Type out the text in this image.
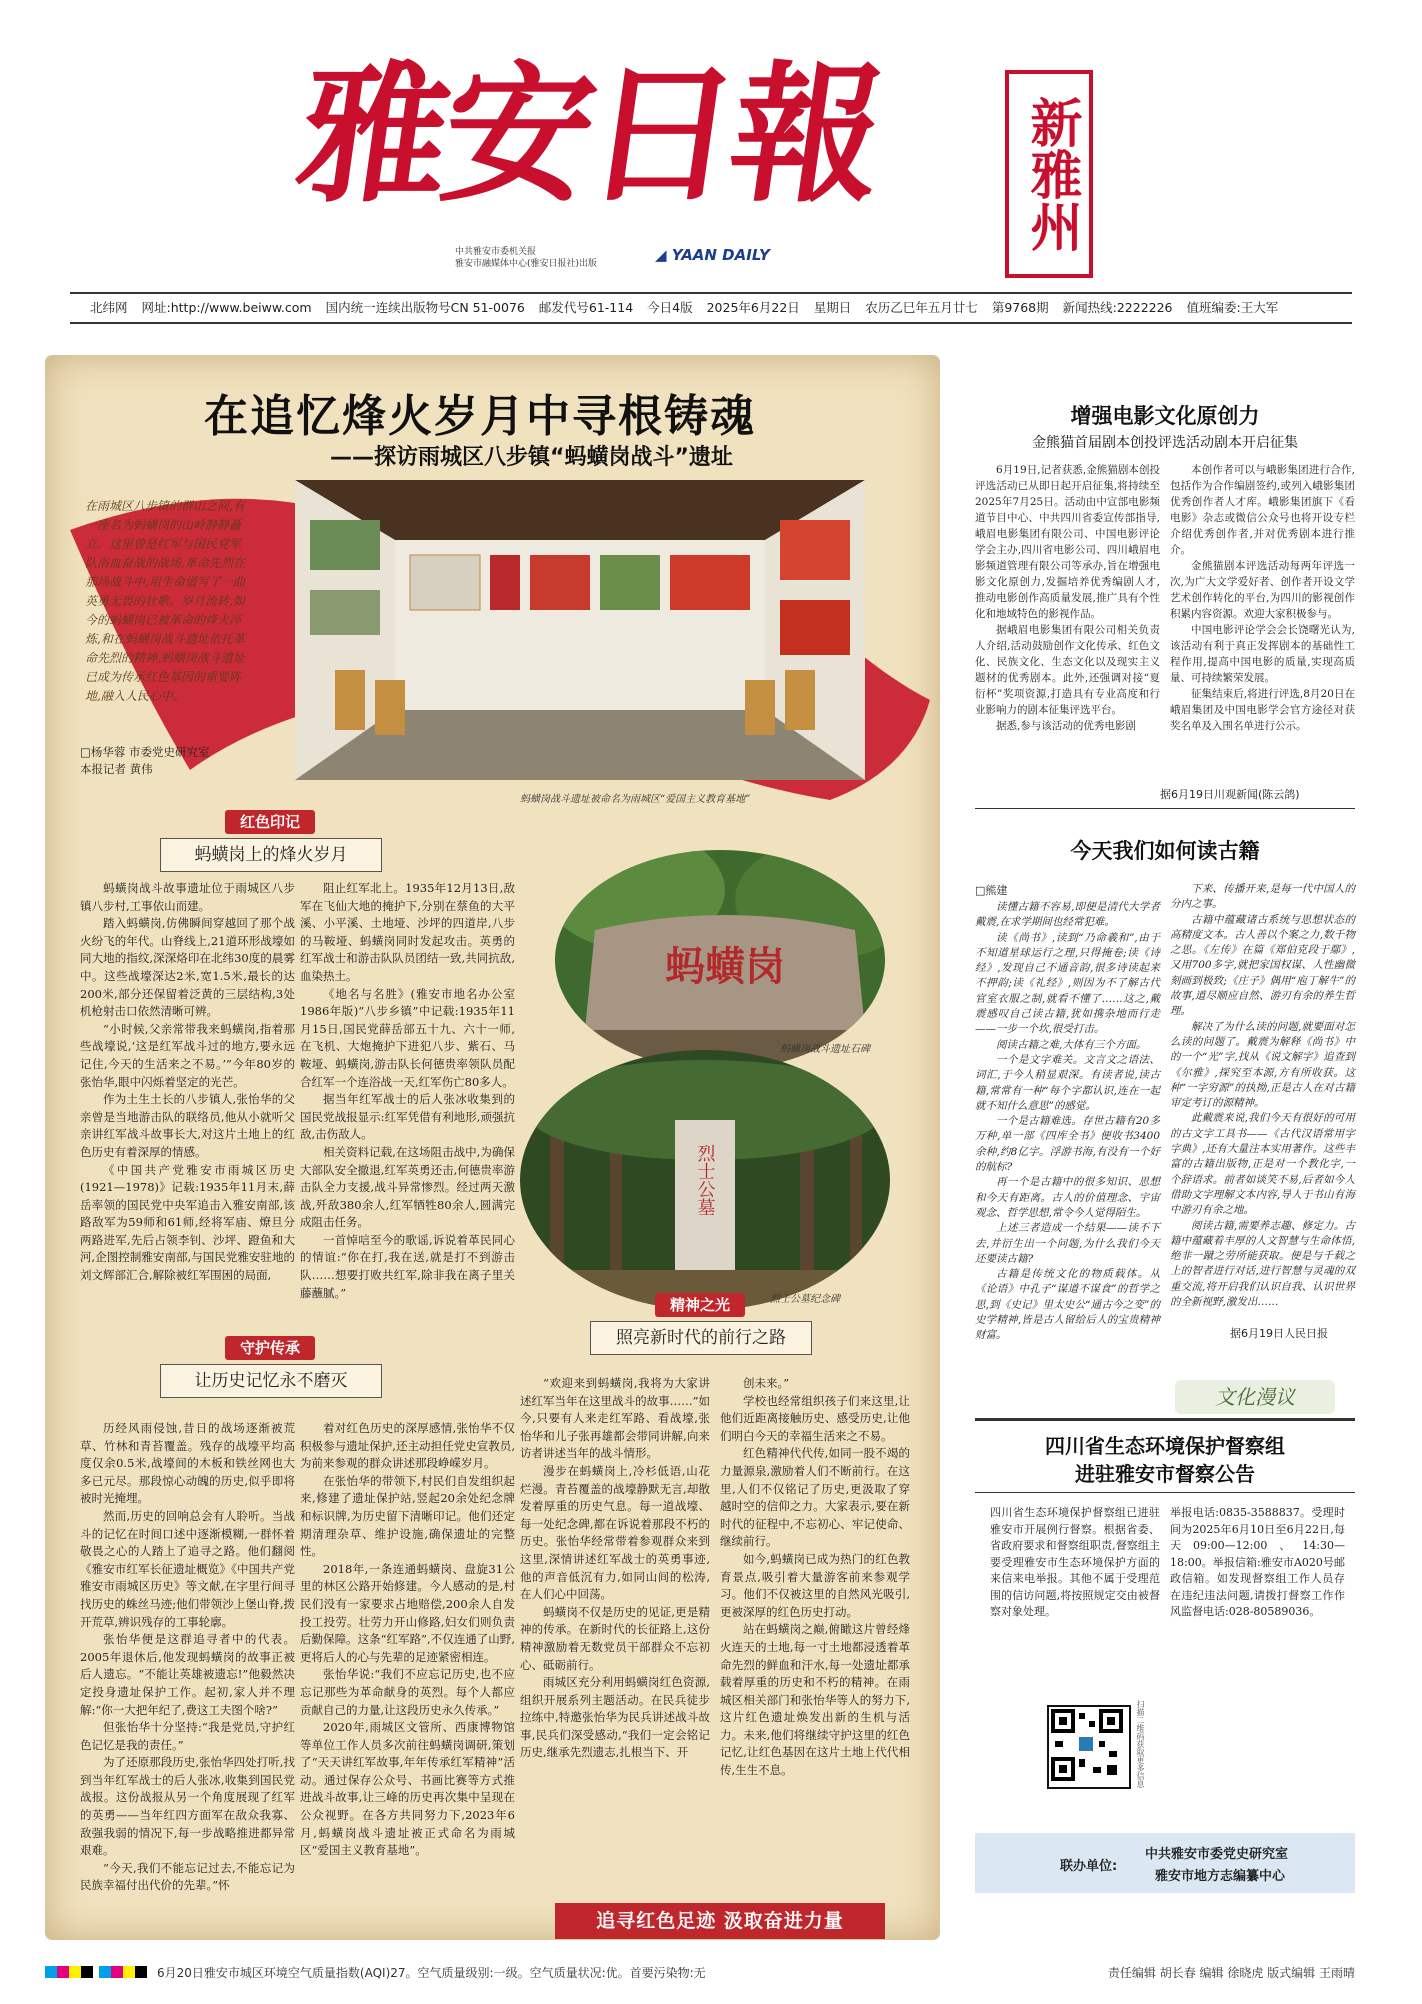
雅安日報	新雅州
中共雅安市委机关报
雅安市融媒体中心(雅安日报社)出版	◢ YAAN DAILY
北纬网 网址:http://www.beiww.com 国内统一连续出版物号CN 51-0076 邮发代号61-114 今日4版 2025年6月22日 星期日 农历乙巳年五月廿七 第9768期 新闻热线:2222226 值班编委:王大军
在追忆烽火岁月中寻根铸魂
——探访雨城区八步镇“蚂蟥岗战斗”遗址
在雨城区八步镇的群山之间,有一座名为蚂蟥岗的山岭静静矗立。这里曾是红军与国民党军队浴血奋战的战场,革命先烈在那场战斗中,用生命谱写了一曲英勇无畏的壮歌。岁月流转,如今的蚂蟥岗已被革命的烽火淬炼,和在蚂蟥岗战斗遗址依托革命先烈的精神,蚂蟥岗战斗遗址已成为传承红色基因的重要阵地,融入人民心中。
□杨华蓉 市委党史研究室
本报记者 黄伟
蚂蟥岗战斗遗址被命名为雨城区“爱国主义教育基地”
红色印记
蚂蟥岗上的烽火岁月
蚂蟥岗
蚂蟥岗战斗遗址石碑
烈士公墓
烈士公墓纪念碑

蚂蟥岗战斗故事遗址位于雨城区八步镇八步村,工事依山而建。

踏入蚂蟥岗,仿佛瞬间穿越回了那个战火纷飞的年代。山脊线上,21道环形战壕如同大地的指纹,深深烙印在北纬30度的晨雾中。这些战壕深达2米,宽1.5米,最长的达200米,部分还保留着泛黄的三层结构,3处机枪射击口依然清晰可辨。

“小时候,父亲常带我来蚂蟥岗,指着那些战壕说,‘这是红军战斗过的地方,要永远记住,今天的生活来之不易。’”今年80岁的张怡华,眼中闪烁着坚定的光芒。

作为土生土长的八步镇人,张怡华的父亲曾是当地游击队的联络员,他从小就听父亲讲红军战斗故事长大,对这片土地上的红色历史有着深厚的情感。

《中国共产党雅安市雨城区历史(1921—1978)》记载:1935年11月末,薛岳率领的国民党中央军追击入雅安南部,该路敌军为59师和61师,经将军庙、燎旦分两路进军,先后占领李钊、沙坪、蹬鱼和大河,企图控制雅安南部,与国民党雅安驻地的刘文辉部汇合,解除被红军围困的局面,

阻止红军北上。1935年12月13日,敌军在飞仙大地的掩护下,分别在蔡鱼的大平溪、小平溪、土地垭、沙坪的四道岸,八步的马鞍垭、蚂蟥岗同时发起攻击。英勇的红军战士和游击队队员团结一致,共同抗敌,血染热土。

《地名与名胜》(雅安市地名办公室1986年版)“八步乡镇”中记载:1935年11月15日,国民党薛岳部五十九、六十一师,在飞机、大炮掩护下进犯八步、紫石、马鞍垭、蚂蟥岗,游击队长何德贵率领队员配合红军一个连浴战一天,红军伤亡80多人。

据当年红军战士的后人张冰收集到的国民党战报显示:红军凭借有利地形,顽强抗敌,击伤敌人。

相关资料记载,在这场阻击战中,为确保大部队安全撤退,红军英勇还击,何德贵率游击队全力支援,战斗异常惨烈。经过两天激战,歼敌380余人,红军牺牲80余人,圆满完成阻击任务。

一首悼唁至今的歌谣,诉说着革民同心的情谊:“你在打,我在送,就是打不到游击队……想要打败共红军,除非我在离子里关藤蘸腻。”

守护传承
让历史记忆永不磨灭
精神之光
照亮新时代的前行之路

历经风雨侵蚀,昔日的战场逐渐被荒草、竹林和青苔覆盖。残存的战壕平均高度仅余0.5米,战壕间的木板和铁丝网也大多已元尽。那段惊心动魄的历史,似乎即将被时光掩埋。

然而,历史的回响总会有人聆听。当战斗的记忆在时间口述中逐渐模糊,一群怀着敬畏之心的人踏上了追寻之路。他们翻阅《雅安市红军长征遗址概览》《中国共产党雅安市雨城区历史》等文献,在字里行间寻找历史的蛛丝马迹;他们带领沙上堡山脊,拨开荒草,辨识残存的工事轮廓。

张怡华便是这群追寻者中的代表。2005年退休后,他发现蚂蟥岗的故事正被后人遗忘。“不能让英雄被遗忘!”他毅然决定投身遗址保护工作。起初,家人并不理解:“你一大把年纪了,费这工夫图个啥?”

但张怡华十分坚持:“我是党员,守护红色记忆是我的责任。”

为了还原那段历史,张怡华四处打听,找到当年红军战士的后人张冰,收集到国民党战报。这份战报从另一个角度展现了红军的英勇——当年红四方面军在敌众我寡、敌强我弱的情况下,每一步战略推进都异常艰难。

“今天,我们不能忘记过去,不能忘记为民族幸福付出代价的先辈。”怀

着对红色历史的深厚感情,张怡华不仅积极参与遗址保护,还主动担任党史宣教员,为前来参观的群众讲述那段峥嵘岁月。

在张怡华的带领下,村民们自发组织起来,修建了遗址保护站,竖起20余处纪念牌和标识牌,为历史留下清晰印记。他们还定期清理杂草、维护设施,确保遗址的完整性。

2018年,一条连通蚂蟥岗、盘旋31公里的林区公路开始修建。今人感动的是,村民们没有一家要求占地赔偿,200余人自发投工投劳。壮劳力开山修路,妇女们则负责后勤保障。这条“红军路”,不仅连通了山野,更将后人的心与先辈的足迹紧密相连。

张怡华说:“我们不应忘记历史,也不应忘记那些为革命献身的英烈。每个人都应贡献自己的力量,让这段历史永久传承。”

2020年,雨城区文管所、西康博物馆等单位工作人员多次前往蚂蟥岗调研,策划了“天天讲红军故事,年年传承红军精神”活动。通过保存公众号、书画比赛等方式推进战斗故事,让三峰的历史再次集中呈现在公众视野。在各方共同努力下,2023年6月,蚂蟥岗战斗遗址被正式命名为雨城区“爱国主义教育基地”。

“欢迎来到蚂蟥岗,我将为大家讲述红军当年在这里战斗的故事……”如今,只要有人来走红军路、看战壕,张怡华和儿子张再雄都会带同讲解,向来访者讲述当年的战斗情形。

漫步在蚂蟥岗上,冷杉低语,山花烂漫。青苔覆盖的战壕静默无言,却散发着厚重的历史气息。每一道战壕、每一处纪念碑,都在诉说着那段不朽的历史。张怡华经常带着参观群众来到这里,深情讲述红军战士的英勇事迹,他的声音低沉有力,如同山间的松涛,在人们心中回荡。

蚂蟥岗不仅是历史的见证,更是精神的传承。在新时代的长征路上,这份精神激励着无数党员干部群众不忘初心、砥砺前行。

雨城区充分利用蚂蟥岗红色资源,组织开展系列主题活动。在民兵徒步拉练中,特邀张怡华为民兵讲述战斗故事,民兵们深受感动,“我们一定会铭记历史,继承先烈遗志,扎根当下、开

创未来。”

学校也经常组织孩子们来这里,让他们近距离接触历史、感受历史,让他们明白今天的幸福生活来之不易。

红色精神代代传,如同一股不竭的力量源泉,激励着人们不断前行。在这里,人们不仅铭记了历史,更汲取了穿越时空的信仰之力。大家表示,要在新时代的征程中,不忘初心、牢记使命、继续前行。

如今,蚂蟥岗已成为热门的红色教育景点,吸引着大量游客前来参观学习。他们不仅被这里的自然风光吸引,更被深厚的红色历史打动。

站在蚂蟥岗之巅,俯瞰这片曾经烽火连天的土地,每一寸土地都浸透着革命先烈的鲜血和汗水,每一处遗址都承载着厚重的历史和不朽的精神。在雨城区相关部门和张怡华等人的努力下,这片红色遗址焕发出新的生机与活力。未来,他们将继续守护这里的红色记忆,让红色基因在这片土地上代代相传,生生不息。

追寻红色足迹 汲取奋进力量
增强电影文化原创力
金熊猫首届剧本创投评选活动剧本开启征集

6月19日,记者获悉,金熊猫剧本创投评选活动已从即日起开启征集,将持续至2025年7月25日。活动由中宣部电影频道节目中心、中共四川省委宣传部指导,峨眉电影集团有限公司、中国电影评论学会主办,四川省电影公司、四川峨眉电影频道管理有限公司等承办,旨在增强电影文化原创力,发掘培养优秀编剧人才,推动电影创作高质量发展,推广具有个性化和地域特色的影视作品。

据峨眉电影集团有限公司相关负责人介绍,活动鼓励创作文化传承、红色文化、民族文化、生态文化以及现实主义题材的优秀剧本。此外,还强调对接“夏衍杯”奖项资源,打造具有专业高度和行业影响力的剧本征集评选平台。

据悉,参与该活动的优秀电影剧

本创作者可以与峨影集团进行合作,包括作为合作编剧签约,或列入峨影集团优秀创作者人才库。峨影集团旗下《看电影》杂志或微信公众号也将开设专栏介绍优秀创作者,并对优秀剧本进行推介。

金熊猫剧本评选活动每两年评选一次,为广大文学爱好者、创作者开设文学艺术创作转化的平台,为四川的影视创作积累内容资源。欢迎大家积极参与。

中国电影评论学会会长饶曙光认为,该活动有利于真正发挥剧本的基础性工程作用,提高中国电影的质量,实现高质量、可持续繁荣发展。

征集结束后,将进行评选,8月20日在峨眉集团及中国电影学会官方途径对获奖名单及入围名单进行公示。

据6月19日川观新闻(陈云鸽)
今天我们如何读古籍
□熊建

读懂古籍不容易,即便是清代大学者戴震,在求学期间也经常犯难。

读《尚书》,读到“乃命羲和”,由于不知道星球运行之理,只得掩卷;读《诗经》,发现自己不通音韵,很多诗读起来不押韵;读《礼经》,则因为不了解古代官室衣服之制,就看不懂了……这之,戴震感叹自己读古籍,犹如携杂地而行走——一步一个坎,很受打击。

阅读古籍之难,大体有三个方面。

一个是文字难关。文言文之语法、词汇,于今人稍显艰深。有读者说,读古籍,常常有一种“每个字都认识,连在一起就不知什么意思”的感觉。

一个是古籍难选。存世古籍有20多万种,单一部《四库全书》便收书3400余种,约8亿字。浮游书海,有没有一个好的航标?

再一个是古籍中的很多知识、思想和今天有距离。古人的价值理念、宇宙观念、哲学思想,常令今人觉得陌生。

上述三者造成一个结果——读不下去,并衍生出一个问题,为什么我们今天还要读古籍?

古籍是传统文化的物质载体。从《论语》中孔子“谋道不谋食”的哲学之思,到《史记》里太史公“通古今之变”的史学精神,皆是古人留给后人的宝贵精神财富。

下来、传播开来,是每一代中国人的分内之事。

古籍中蕴藏诸古系统与思想状态的高精度文本。古人善以个案之力,数千物之思。《左传》在篇《郑伯克段于鄢》,又用700多字,就把家国权谋、人性幽微刻画到极致;《庄子》偶用“庖丁解牛”的故事,道尽顺应自然、游刃有余的养生哲理。

解决了为什么读的问题,就要面对怎么读的问题了。戴震为解释《尚书》中的一个“光”字,找从《说文解字》追查到《尔雅》,探究至本源,方有所收获。这种“一字穷源”的执拗,正是古人在对古籍审定考订的源精神。

此戴震来说,我们今天有很好的可用的古文字工具书——《古代汉语常用字字典》,还有大量注本实用著作。这些丰富的古籍出版物,正是对一个教化字,一个辞语求。前者如谈笑不易,后者如今人借助文字理解文本内容,导人于书山有海中游刃有余之地。

阅读古籍,需要养志趣、修定力。古籍中蕴藏着丰厚的人文智慧与生命体悟,绝非一蹴之劳所能获取。便是与千载之上的智者进行对话,进行智慧与灵魂的双重交流,将开启我们认识自我、认识世界的全新视野,激发出……

据6月19日人民日报
文化漫议
四川省生态环境保护督察组
进驻雅安市督察公告
四川省生态环境保护督察组已进驻雅安市开展例行督察。根据省委、省政府要求和督察组职责,督察组主要受理雅安市生态环境保护方面的来信来电举报。其他不属于受理范围的信访问题,将按照规定交由被督察对象处理。
举报电话:0835-3588837。受理时间为2025年6月10日至6月22日,每天09:00—12:00、14:30—18:00。举报信箱:雅安市A020号邮政信箱。如发现督察组工作人员存在违纪违法问题,请拨打督察工作作风监督电话:028-80589036。
扫描二维码获取更多信息
联办单位:
中共雅安市委党史研究室
雅安市地方志编纂中心
6月20日雅安市城区环境空气质量指数(AQI)27。空气质量级别:一级。空气质量状况:优。首要污染物:无	责任编辑 胡长春 编辑 徐晓虎 版式编辑 王雨晴
